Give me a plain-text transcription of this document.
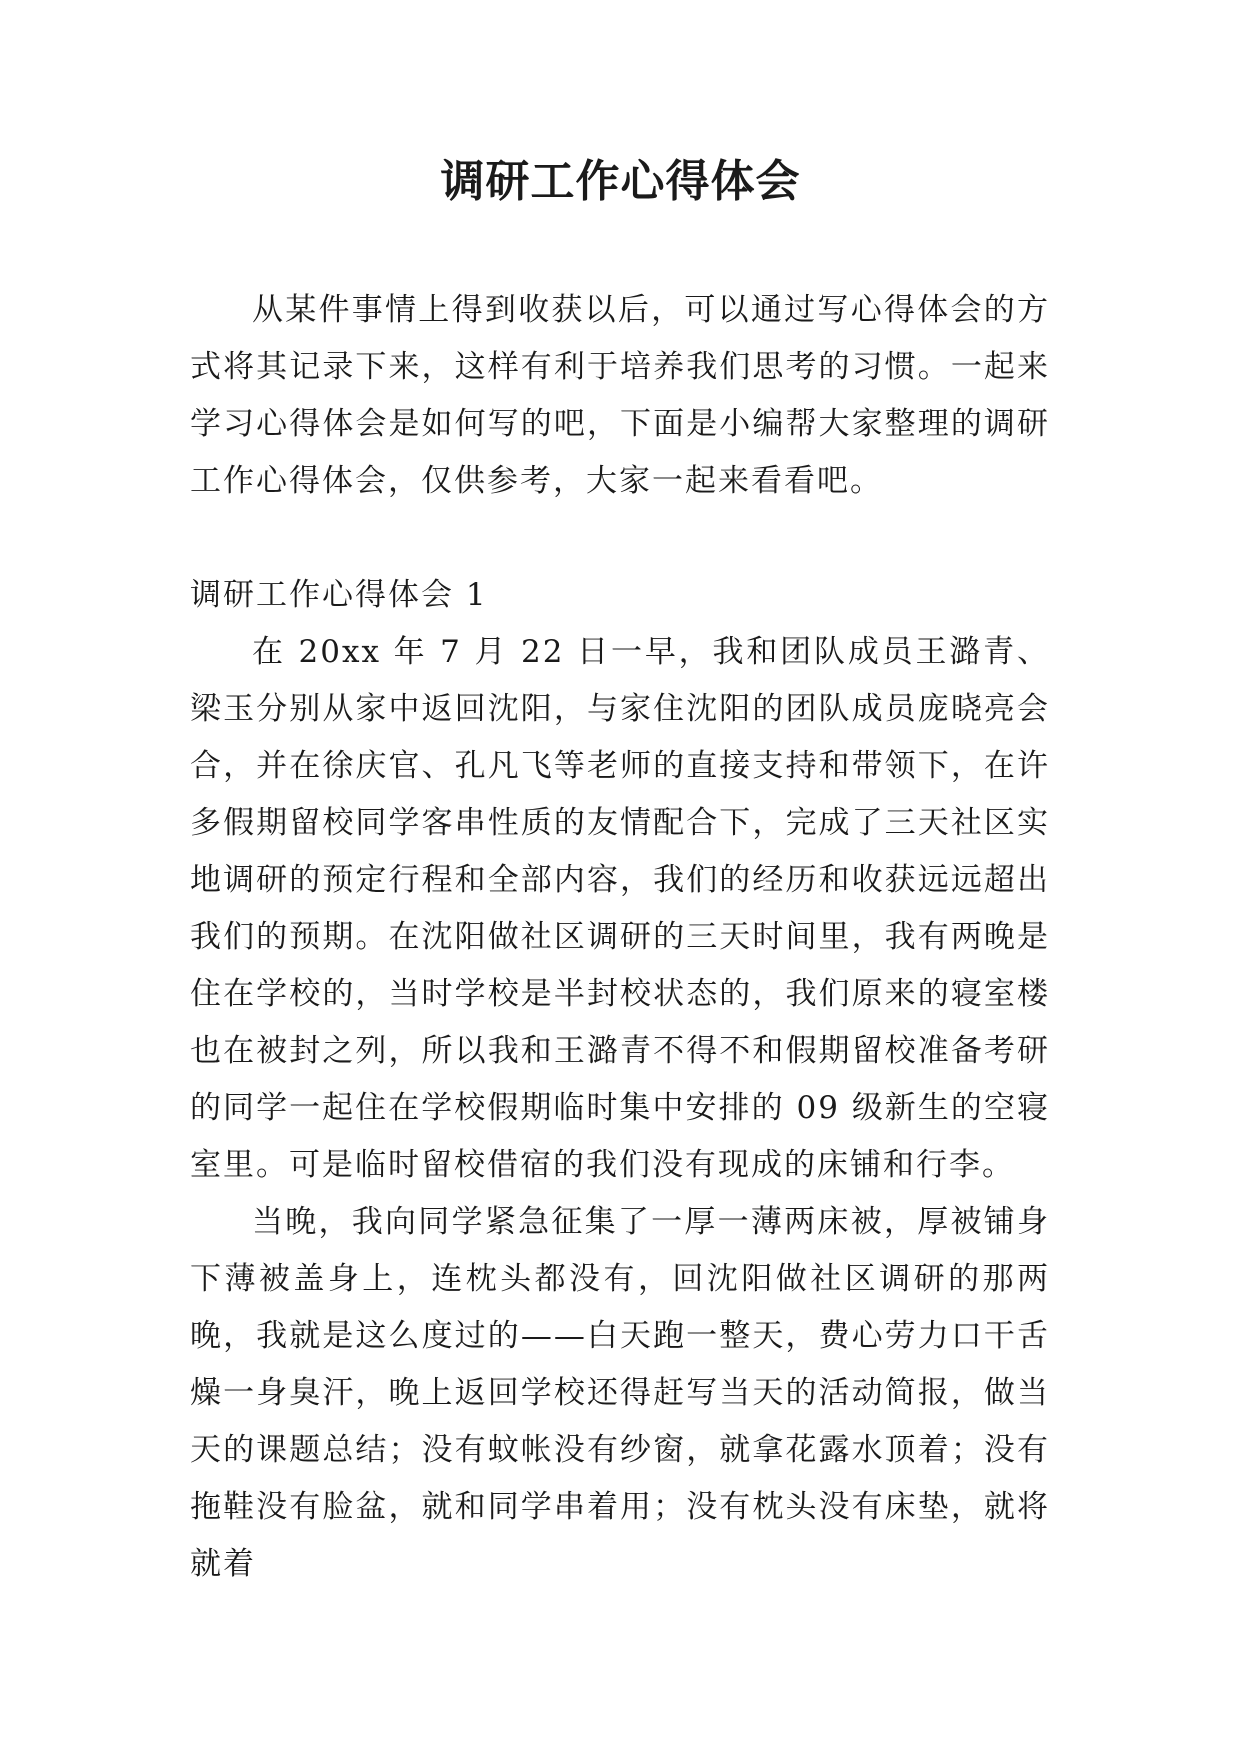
调研工作心得体会

从某件事情上得到收获以后，可以通过写心得体会的方式将其记录下来，这样有利于培养我们思考的习惯。一起来学习心得体会是如何写的吧，下面是小编帮大家整理的调研工作心得体会，仅供参考，大家一起来看看吧。

调研工作心得体会 1

在 20xx 年 7 月 22 日一早，我和团队成员王潞青、梁玉分别从家中返回沈阳，与家住沈阳的团队成员庞晓亮会合，并在徐庆官、孔凡飞等老师的直接支持和带领下，在许多假期留校同学客串性质的友情配合下，完成了三天社区实地调研的预定行程和全部内容，我们的经历和收获远远超出我们的预期。在沈阳做社区调研的三天时间里，我有两晚是住在学校的，当时学校是半封校状态的，我们原来的寝室楼也在被封之列，所以我和王潞青不得不和假期留校准备考研的同学一起住在学校假期临时集中安排的 09 级新生的空寝室里。可是临时留校借宿的我们没有现成的床铺和行李。

当晚，我向同学紧急征集了一厚一薄两床被，厚被铺身下薄被盖身上，连枕头都没有，回沈阳做社区调研的那两晚，我就是这么度过的——白天跑一整天，费心劳力口干舌燥一身臭汗，晚上返回学校还得赶写当天的活动简报，做当天的课题总结；没有蚊帐没有纱窗，就拿花露水顶着；没有拖鞋没有脸盆，就和同学串着用；没有枕头没有床垫，就将就着
